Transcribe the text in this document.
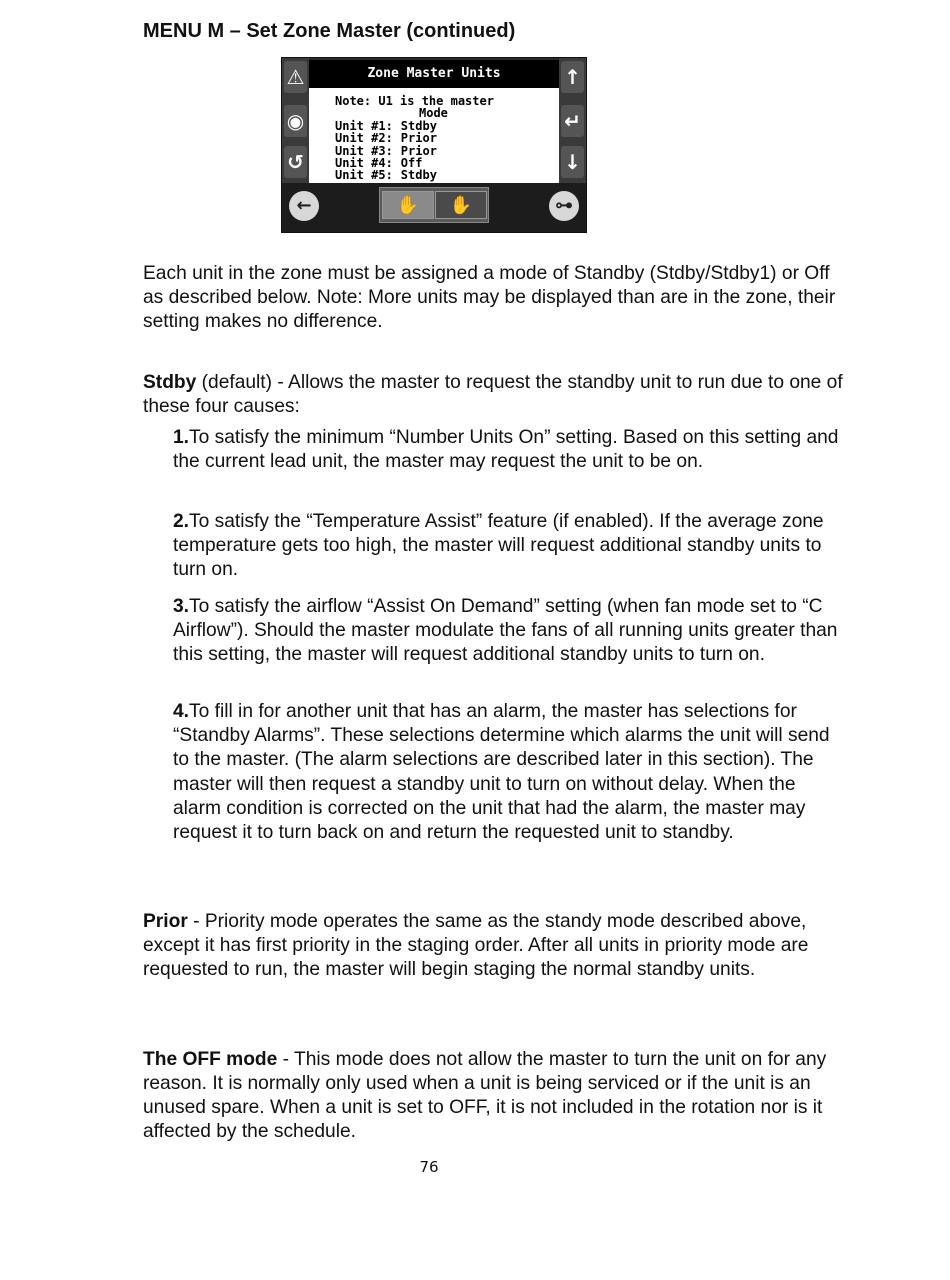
MENU M – Set Zone Master (continued)
⚠
◉
↺
Zone Master Units
Note: U1 is the master
Mode
Unit #1: Stdby
Unit #2: Prior
Unit #3: Prior
Unit #4: Off
Unit #5: Stdby
↑
↵
↓
←	✋	✋	⊶

Each unit in the zone must be assigned a mode of Standby (Stdby/Stdby1) or Off as described below. Note: More units may be displayed than are in the zone, their setting makes no difference.

Stdby (default) - Allows the master to request the standby unit to run due to one of these four causes:

1.To satisfy the minimum “Number Units On” setting. Based on this setting and the current lead unit, the master may request the unit to be on.

2.To satisfy the “Temperature Assist” feature (if enabled). If the average zone temperature gets too high, the master will request additional standby units to turn on.

3.To satisfy the airflow “Assist On Demand” setting (when fan mode set to “C Airflow”). Should the master modulate the fans of all running units greater than this setting, the master will request additional standby units to turn on.

4.To fill in for another unit that has an alarm, the master has selections for “Standby Alarms”. These selections determine which alarms the unit will send to the master. (The alarm selections are described later in this section). The master will then request a standby unit to turn on without delay. When the alarm condition is corrected on the unit that had the alarm, the master may request it to turn back on and return the requested unit to standby.

Prior - Priority mode operates the same as the standy mode described above, except it has first priority in the staging order. After all units in priority mode are requested to run, the master will begin staging the normal standby units.

The OFF mode - This mode does not allow the master to turn the unit on for any reason. It is normally only used when a unit is being serviced or if the unit is an unused spare. When a unit is set to OFF, it is not included in the rotation nor is it affected by the schedule.

76
